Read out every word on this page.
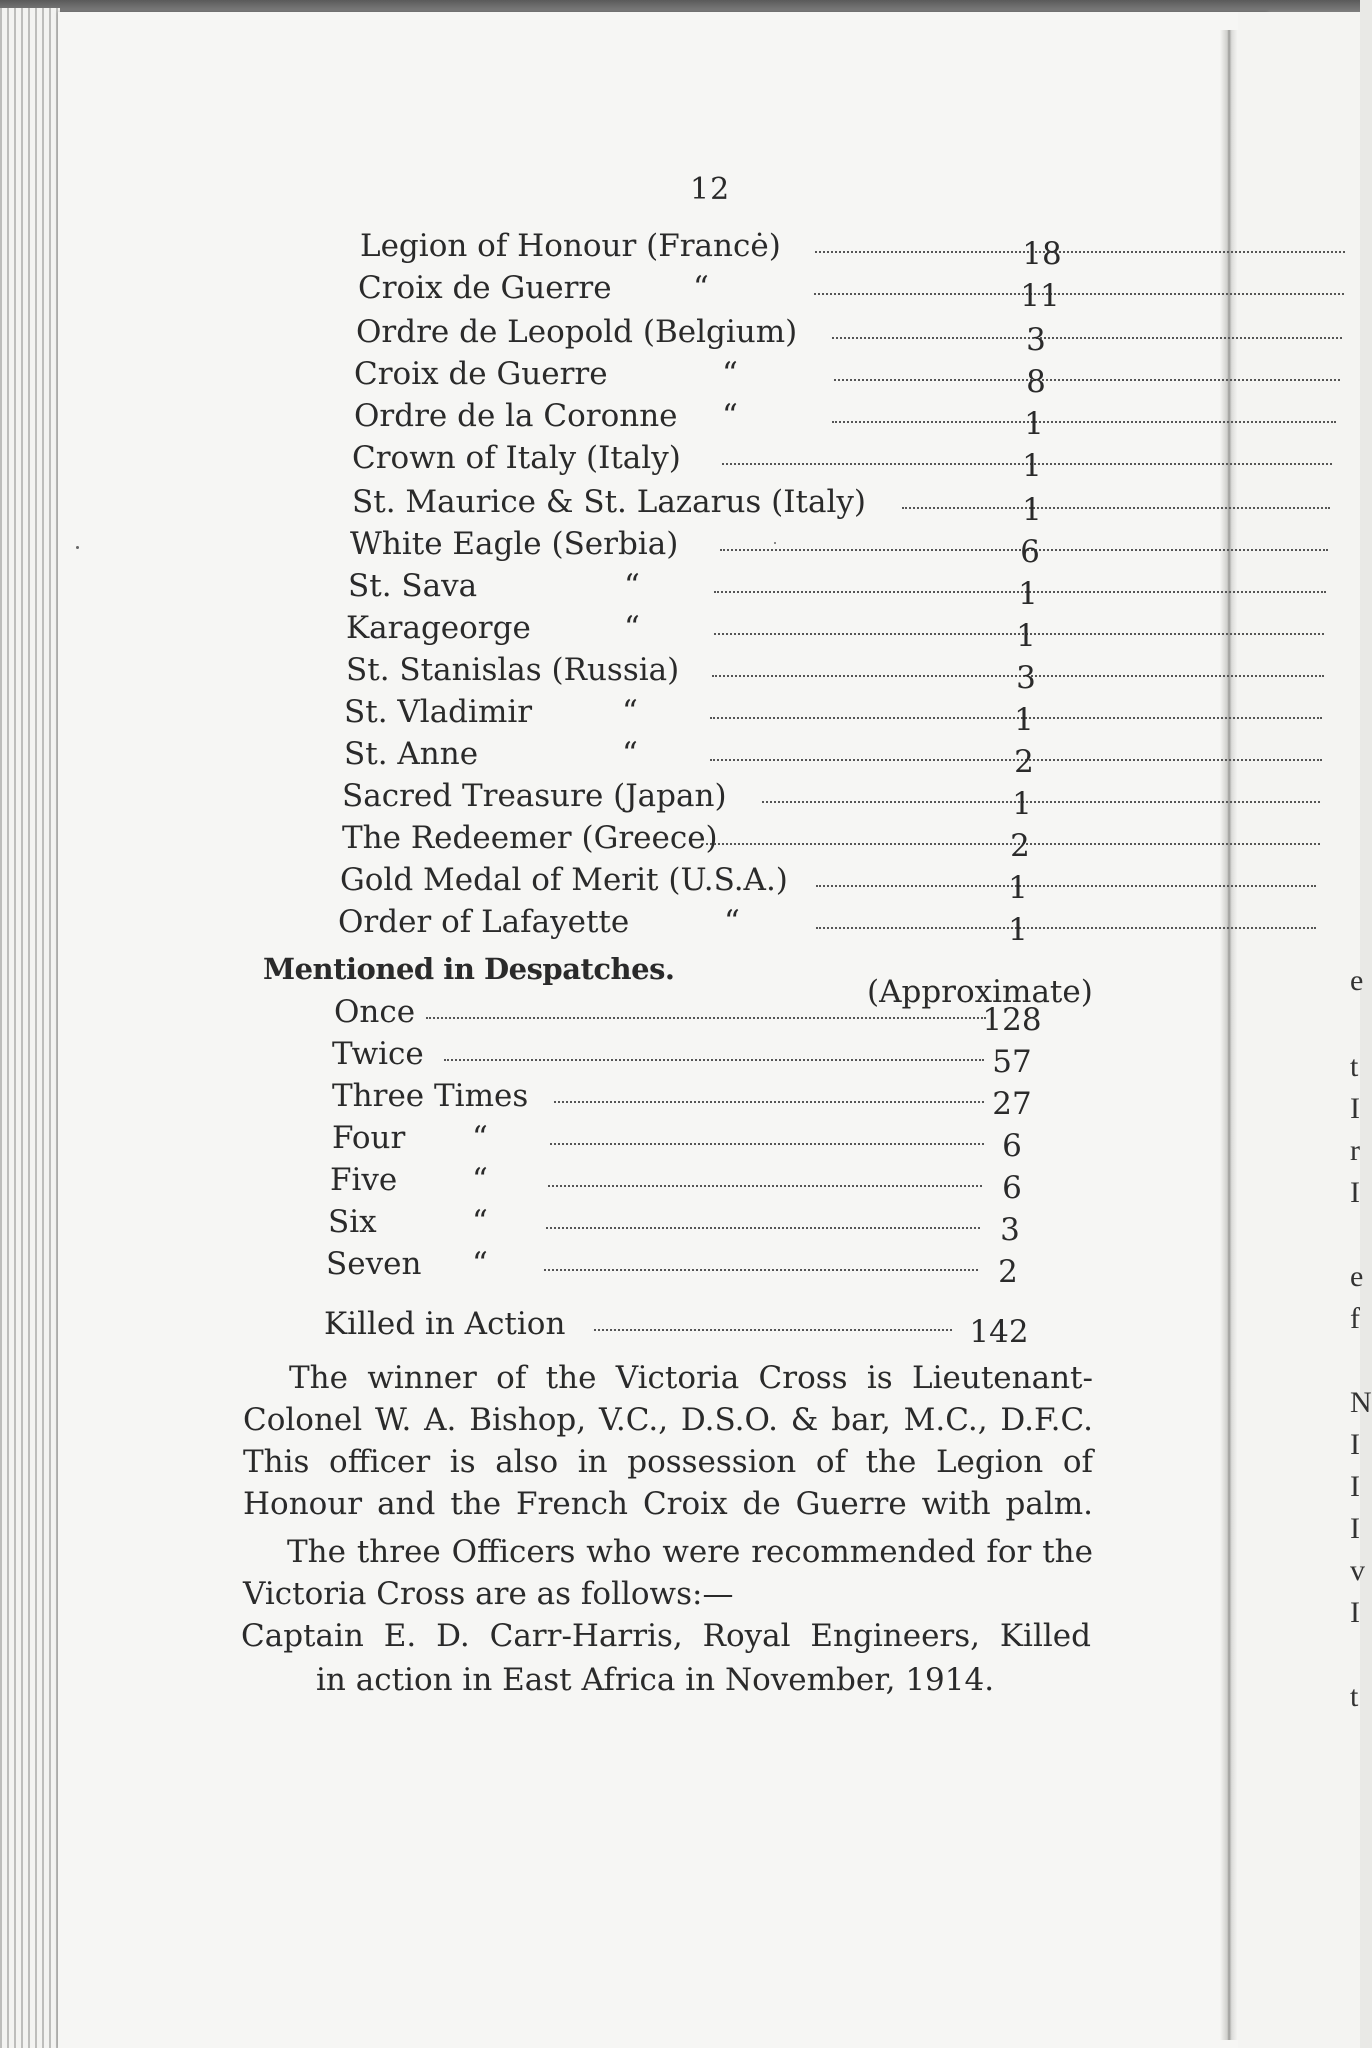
12
Legion of Honour (Francė)	18
Croix de Guerre	“	11
Ordre de Leopold (Belgium)	3
Croix de Guerre	“	8
Ordre de la Coronne “	1
Crown of Italy (Italy)	1
St. Maurice & St. Lazarus (Italy)	1
White Eagle (Serbia)	6
St. Sava	“	1
Karageorge	“	1
St. Stanislas (Russia)	3
St. Vladimir	“	1
St. Anne	“	2
Sacred Treasure (Japan)	1
The Redeemer (Greece)	2
Gold Medal of Merit (U.S.A.)	1
Order of Lafayette	“	1
Mentioned in Despatches.
(Approximate)
Once	128
Twice	57
Three Times	27
Four “	6
Five “	6
Six	“	3
Seven “	2
Killed in Action	142
The winner of the Victoria Cross is Lieutenant-
Colonel W. A. Bishop, V.C., D.S.O. & bar, M.C., D.F.C.
This officer is also in possession of the Legion of
Honour and the French Croix de Guerre with palm.
The three Officers who were recommended for the
Victoria Cross are as follows:—
Captain E. D. Carr-Harris, Royal Engineers, Killed
in action in East Africa in November, 1914.
e
t
I
r
I
e
f
N
I
I
I
v
I
t
